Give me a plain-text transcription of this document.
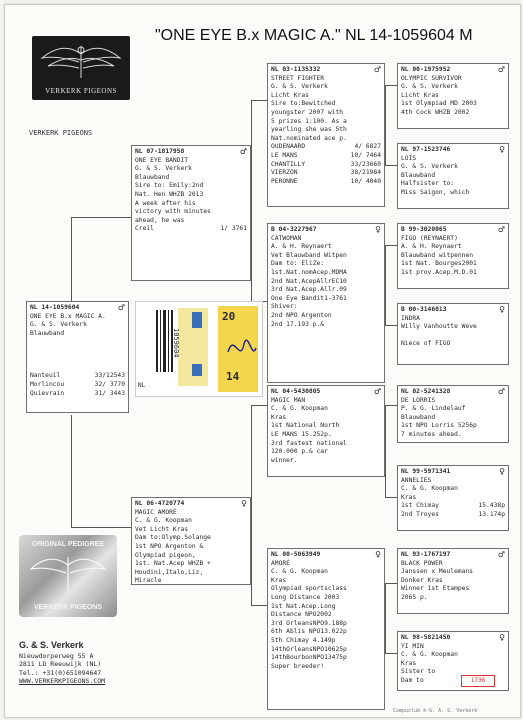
VERKERK PIGEONS
"ONE EYE B.x MAGIC A." NL 14-1059604 M
VERKERK PIGEONS
NL 14-1059604	♂
ONE EYE B.x MAGIC A.
G. & S. Verkerk
Blauwband
Nanteuil	33/12543
Morlincou	32/ 3770
Quievrain	31/ 3443
NL 07-1817958	♂
ONE EYE BANDIT
G. & S. Verkerk
Blauwband
Sire to: Emily:2nd
Nat. Hen WHZB 2013
A week after his
victory with minutes
ahead, he was
Creil	1/ 3761
NL 06-4720774	♀
MAGIC AMORÉ
C. & G. Koopman
Vet Licht Kras
Dam to:Olymp.Solange
1st NPO Argenton &
Olympiad pigeon,
1st. Nat.Acep WHZB +
Houdini,Italo,Liz,
Miracle
NL 03-1135332	♂
STREET FIGHTER
G. & S. Verkerk
Licht Kras
Sire to:Bewitched
youngster 2007 with
5 prizes 1:100. As a
yearling she was 5th
Nat.nominated ace p.
OUDENAARD	4/ 6827
LE MANS	10/ 7464
CHANTILLY	33/23660
VIERZON	38/21984
PERONNE	10/ 4040
B 04-3227967	♀
CATWOMAN
A. & H. Reynaert
Vet Blauwband Witpen
Dam to: EliZe:
1st.Nat.nomAcep.MDMA
2nd Nat.AcepAllrEC10
3rd Nat.Acep.Allr.09
One Eye Bandit1-3761
Shiver:
2nd NPO Argenton
2nd 17.193 p.&
NL 04-5430805	♂
MAGIC MAN
C. & G. Koopman
Kras
1st National North
LE MANS 15.252p.
3rd fastest national
120.000 p.& car
winner.
NL 00-5063949	♀
AMORÉ
C. & G. Koopman
Kras
Olympiad sportsclass
Long Distance 2003
1st Nat.Acep.Long
Distance NPO2002
3rd OrleansNPO9.188p
6th Ablis NPO13.022p
5th Chimay 4.149p
14thOrleansNPO10625p
14thBourbonNPO13475p
Super breeder!
NL 00-1975952	♂
OLYMPIC SURVIVOR
G. & S. Verkerk
Licht Kras
1st Olympiad MD 2003
4th Cock WHZB 2002
NL 97-1523746	♀
LOIS
G. & S. Verkerk
Blauwband
Halfsister to:
Miss Saigon, which
B 99-3020065	♂
FIGO (REYNAERT)
A. & H. Reynaert
Blauwband witpennen
1st Nat. Bourges2001
1st prov.Acep.M.D.01
B 00-3146013	♀
INDRA
Willy Vanhoutte Weve

Niece of FIGO
NL 02-5241328	♂
DE LORRIS
P. & G. Lindelauf
Blauwband
1st NPO Lorris 5256p
7 minutes ahead.
NL 99-5971341	♀
ANNELIES
C. & G. Koopman
Kras
1st Chimay	15.438p
2nd Troyes	13.174p
NL 93-1767197	♂
BLACK POWER
Janssen x Meulemans
Donker Kras
Winner 1st Etampes
2065 p.
NL 98-5821450	♀
YI MIN
C. & G. Koopman
Kras
Sister to
Dam to
NL
1059604
20
14
ORIGINAL PEDIGREE
VERKERK PIGEONS
G. & S. Verkerk
Nieuwdorperweg 55 A
2811 LD Reeuwijk (NL)
Tel.: +31(0)651094647
WWW.VERKERKPIGEONS.COM	1736
Compuclub ® G. A. S. Verkerk
